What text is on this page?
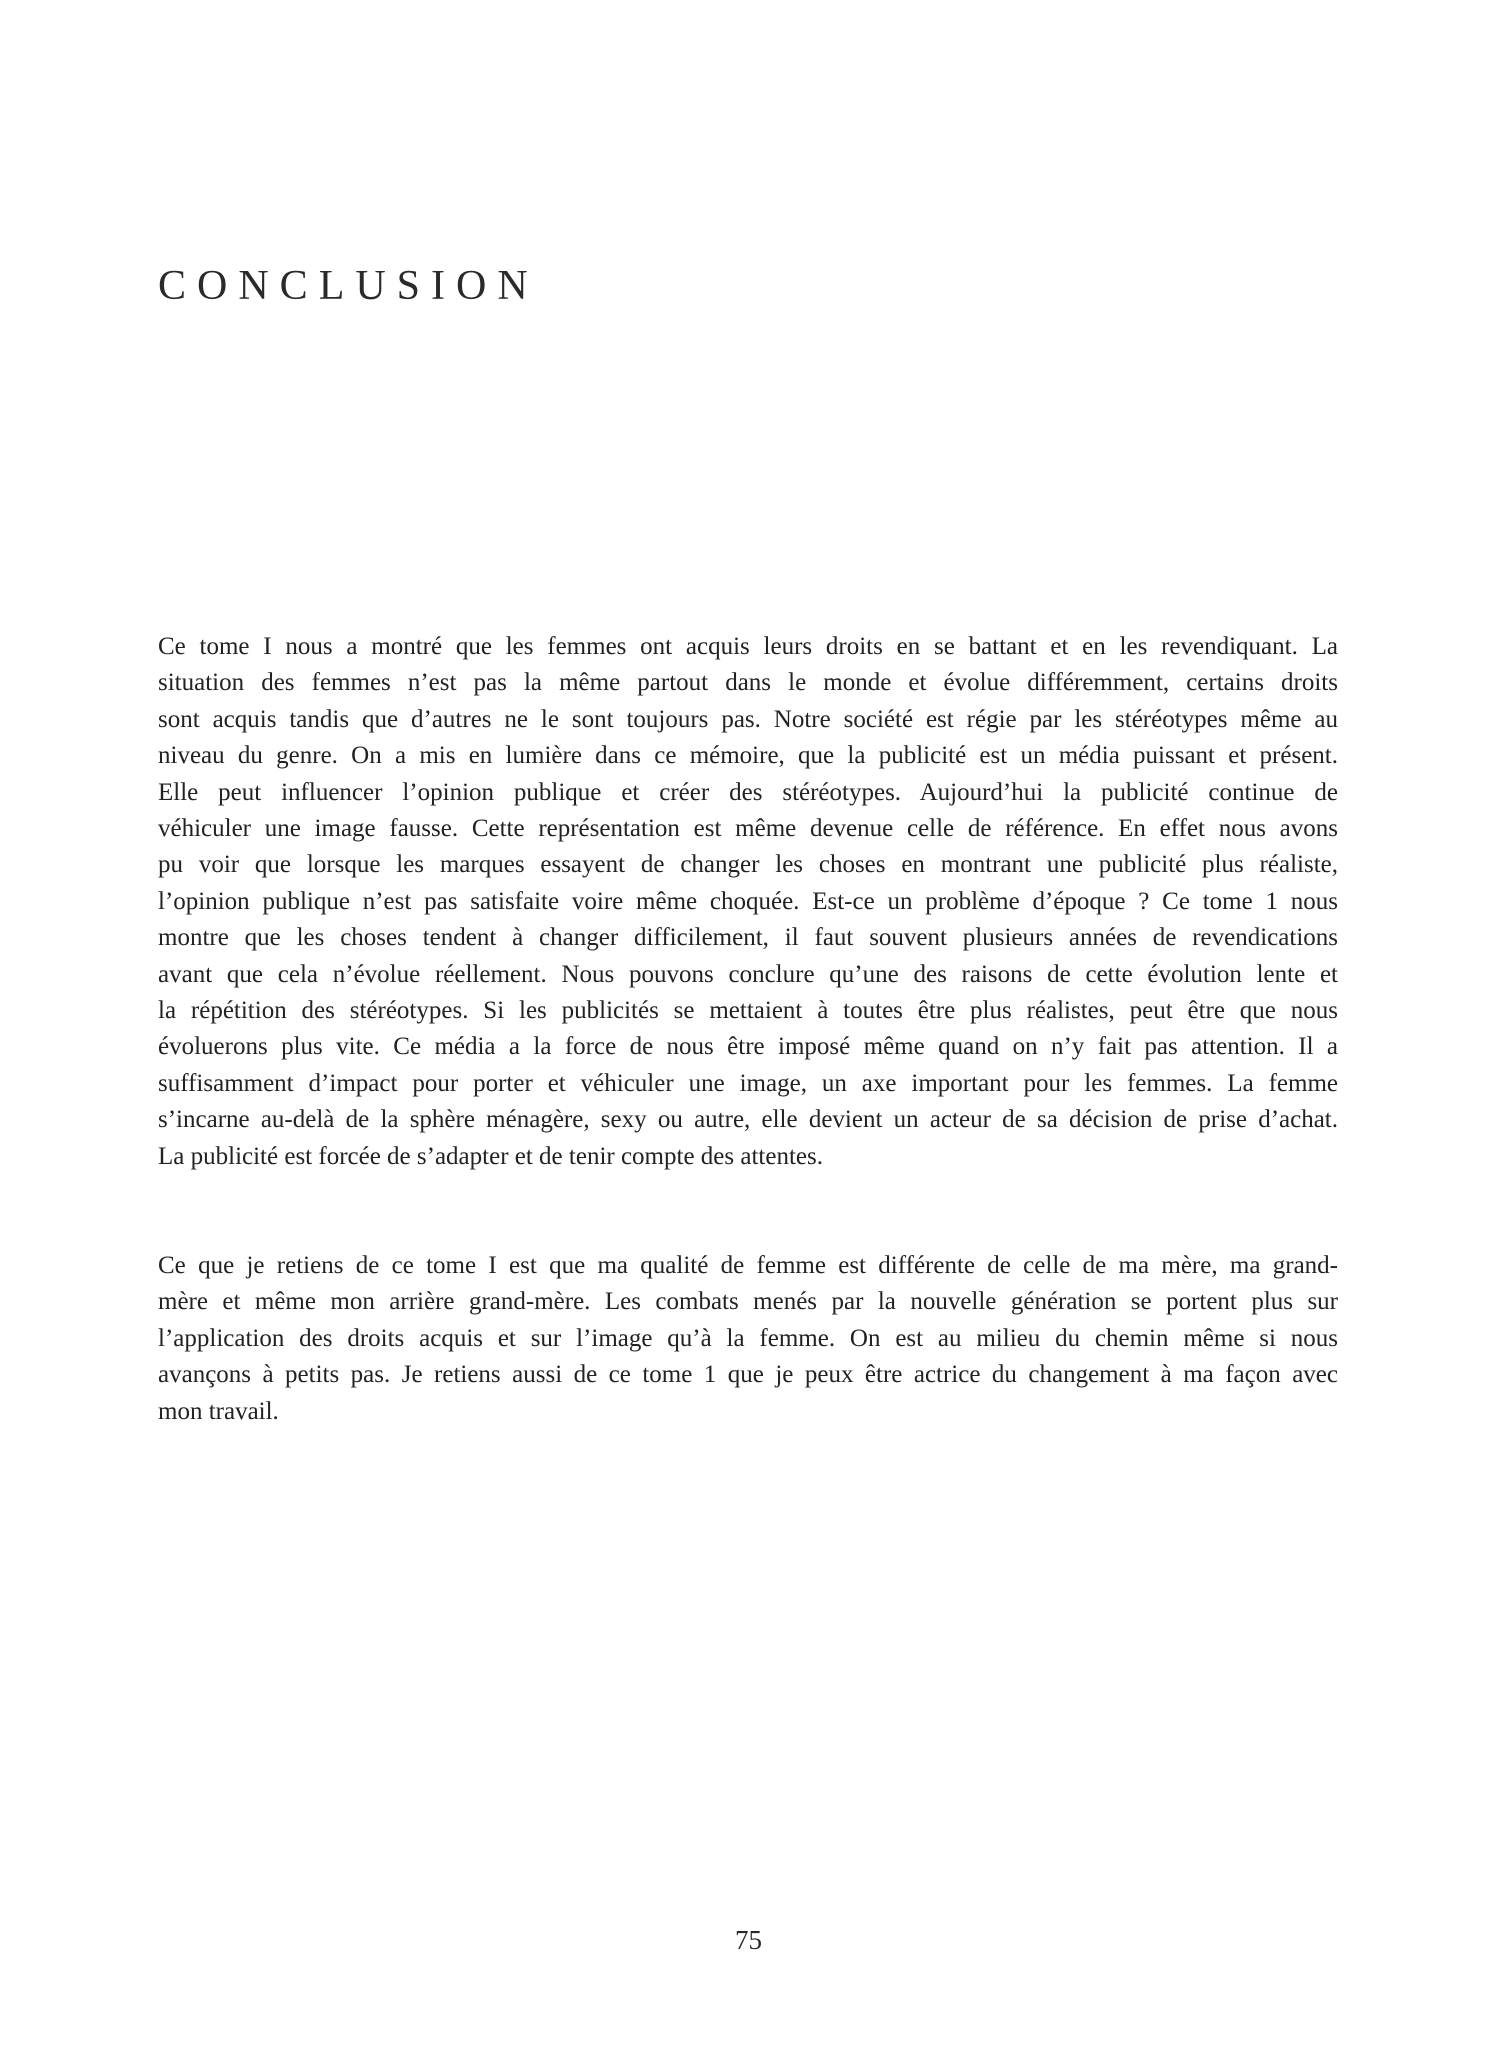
CONCLUSION
Ce tome I nous a montré que les femmes ont acquis leurs droits en se battant et en les revendiquant. La
situation des femmes n’est pas la même partout dans le monde et évolue différemment, certains droits
sont acquis tandis que d’autres ne le sont toujours pas. Notre société est régie par les stéréotypes même au
niveau du genre. On a mis en lumière dans ce mémoire, que la publicité est un média puissant et présent.
Elle peut influencer l’opinion publique et créer des stéréotypes. Aujourd’hui la publicité continue de
véhiculer une image fausse. Cette représentation est même devenue celle de référence. En effet nous avons
pu voir que lorsque les marques essayent de changer les choses en montrant une publicité plus réaliste,
l’opinion publique n’est pas satisfaite voire même choquée. Est-ce un problème d’époque ? Ce tome 1 nous
montre que les choses tendent à changer difficilement, il faut souvent plusieurs années de revendications
avant que cela n’évolue réellement. Nous pouvons conclure qu’une des raisons de cette évolution lente et
la répétition des stéréotypes. Si les publicités se mettaient à toutes être plus réalistes, peut être que nous
évoluerons plus vite. Ce média a la force de nous être imposé même quand on n’y fait pas attention. Il a
suffisamment d’impact pour porter et véhiculer une image, un axe important pour les femmes. La femme
s’incarne au-delà de la sphère ménagère, sexy ou autre, elle devient un acteur de sa décision de prise d’achat.
La publicité est forcée de s’adapter et de tenir compte des attentes.
Ce que je retiens de ce tome I est que ma qualité de femme est différente de celle de ma mère, ma grand-
mère et même mon arrière grand-mère. Les combats menés par la nouvelle génération se portent plus sur
l’application des droits acquis et sur l’image qu’à la femme. On est au milieu du chemin même si nous
avançons à petits pas. Je retiens aussi de ce tome 1 que je peux être actrice du changement à ma façon avec
mon travail.

75
